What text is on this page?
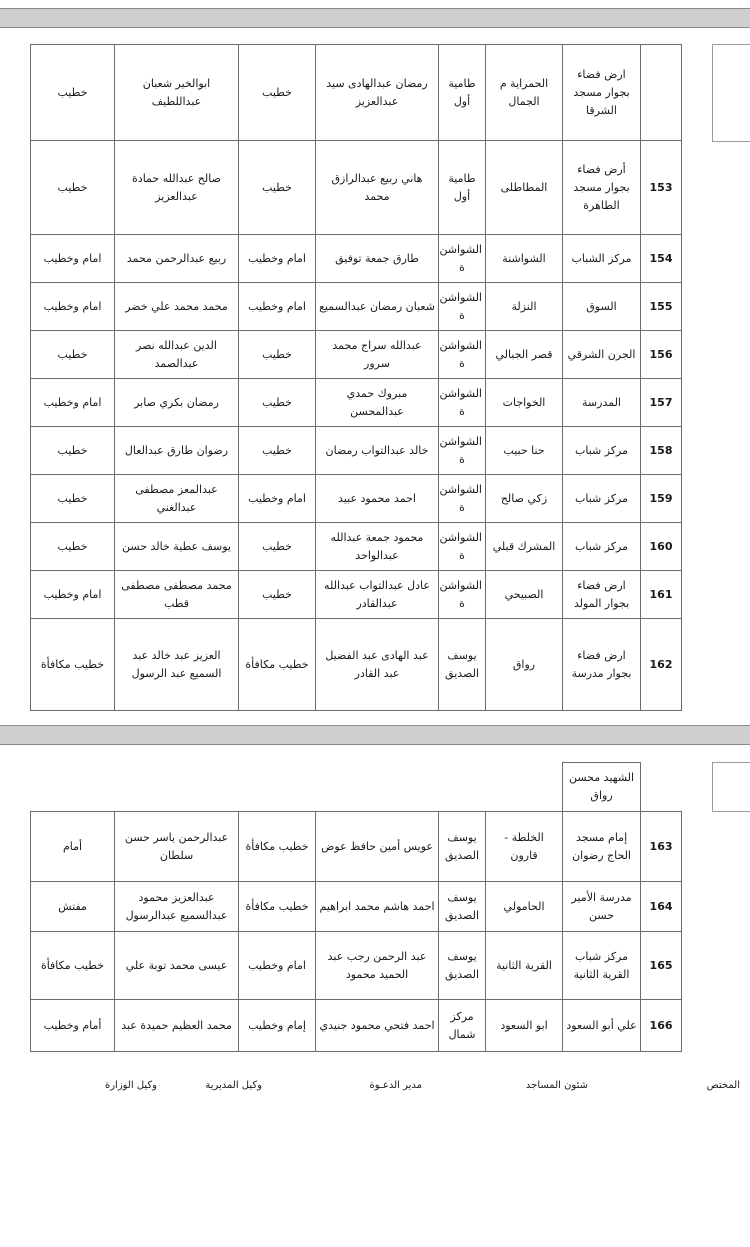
	ارض فضاء بجوار مسجد الشرقا	الحمراية م الجمال	طامية أول	رمضان عبدالهادى سيد عبدالعزيز	خطيب	ابوالخير شعبان عبداللطيف	خطيب
153	أرض فضاء بجوار مسجد الطاهرة	المطاطلى	طامية أول	هاني ربيع عبدالرازق محمد	خطيب	صالح عبدالله حمادة عبدالعزيز	خطيب
154	مركز الشباب	الشواشنة	الشواشن ة	طارق جمعة توفيق	امام وخطيب	ربيع عبدالرحمن محمد	امام وخطيب
155	السوق	النزلة	الشواشن ة	شعبان رمضان عبدالسميع	امام وخطيب	محمد محمد علي خضر	امام وخطيب
156	الجرن الشرقي	قصر الجبالي	الشواشن ة	عبدالله سراج محمد سرور	خطيب	الدين عبدالله نصر عبدالصمد	خطيب
157	المدرسة	الخواجات	الشواشن ة	مبروك حمدي عبدالمحسن	خطيب	رمضان بكري صابر	امام وخطيب
158	مركز شباب	حنا حبيب	الشواشن ة	خالد عبدالتواب رمضان	خطيب	رضوان طارق عبدالعال	خطيب
159	مركز شباب	زكي صالح	الشواشن ة	احمد محمود عبيد	امام وخطيب	عبدالمعز مصطفى عبدالغني	خطيب
160	مركز شباب	المشرك قبلي	الشواشن ة	محمود جمعة عبدالله عبدالواحد	خطيب	يوسف عطية خالد حسن	خطيب
161	ارض فضاء بجوار المولد	الصبيحي	الشواشن ة	عادل عبدالتواب عبدالله عبدالقادر	خطيب	محمد مصطفى مصطفى قطب	امام وخطيب
162	ارض فضاء بجوار مدرسة	رواق	يوسف الصديق	عبد الهادى عبد الفضيل عبد القادر	خطيب مكافأة	العزيز عبد خالد عبد السميع عبد الرسول	خطيب مكافأة
	الشهيد محسن رواق						
163	إمام مسجد الحاج رضوان	الخلطة - قارون	يوسف الصديق	عويس أمين حافظ عوض	خطيب مكافأة	عبدالرحمن ياسر حسن سلطان	أمام
164	مدرسة الأمير حسن	الحامولي	يوسف الصديق	احمد هاشم محمد ابراهيم	خطيب مكافأة	عبدالعزيز محمود عبدالسميع عبدالرسول	مفتش
165	مركز شباب القرية الثانية	القرية الثانية	يوسف الصديق	عبد الرحمن رجب عبد الحميد محمود	امام وخطيب	عيسى محمد توبة علي	خطيب مكافأة
166	علي أبو السعود	ابو السعود	مركز شمال	احمد فتحي محمود جنيدي	إمام وخطيب	محمد العظيم حميدة عبد	أمام وخطيب
المختص
شئون المساجد
مدير الدعـوة
وكيل المديرية
وكيل الوزارة
